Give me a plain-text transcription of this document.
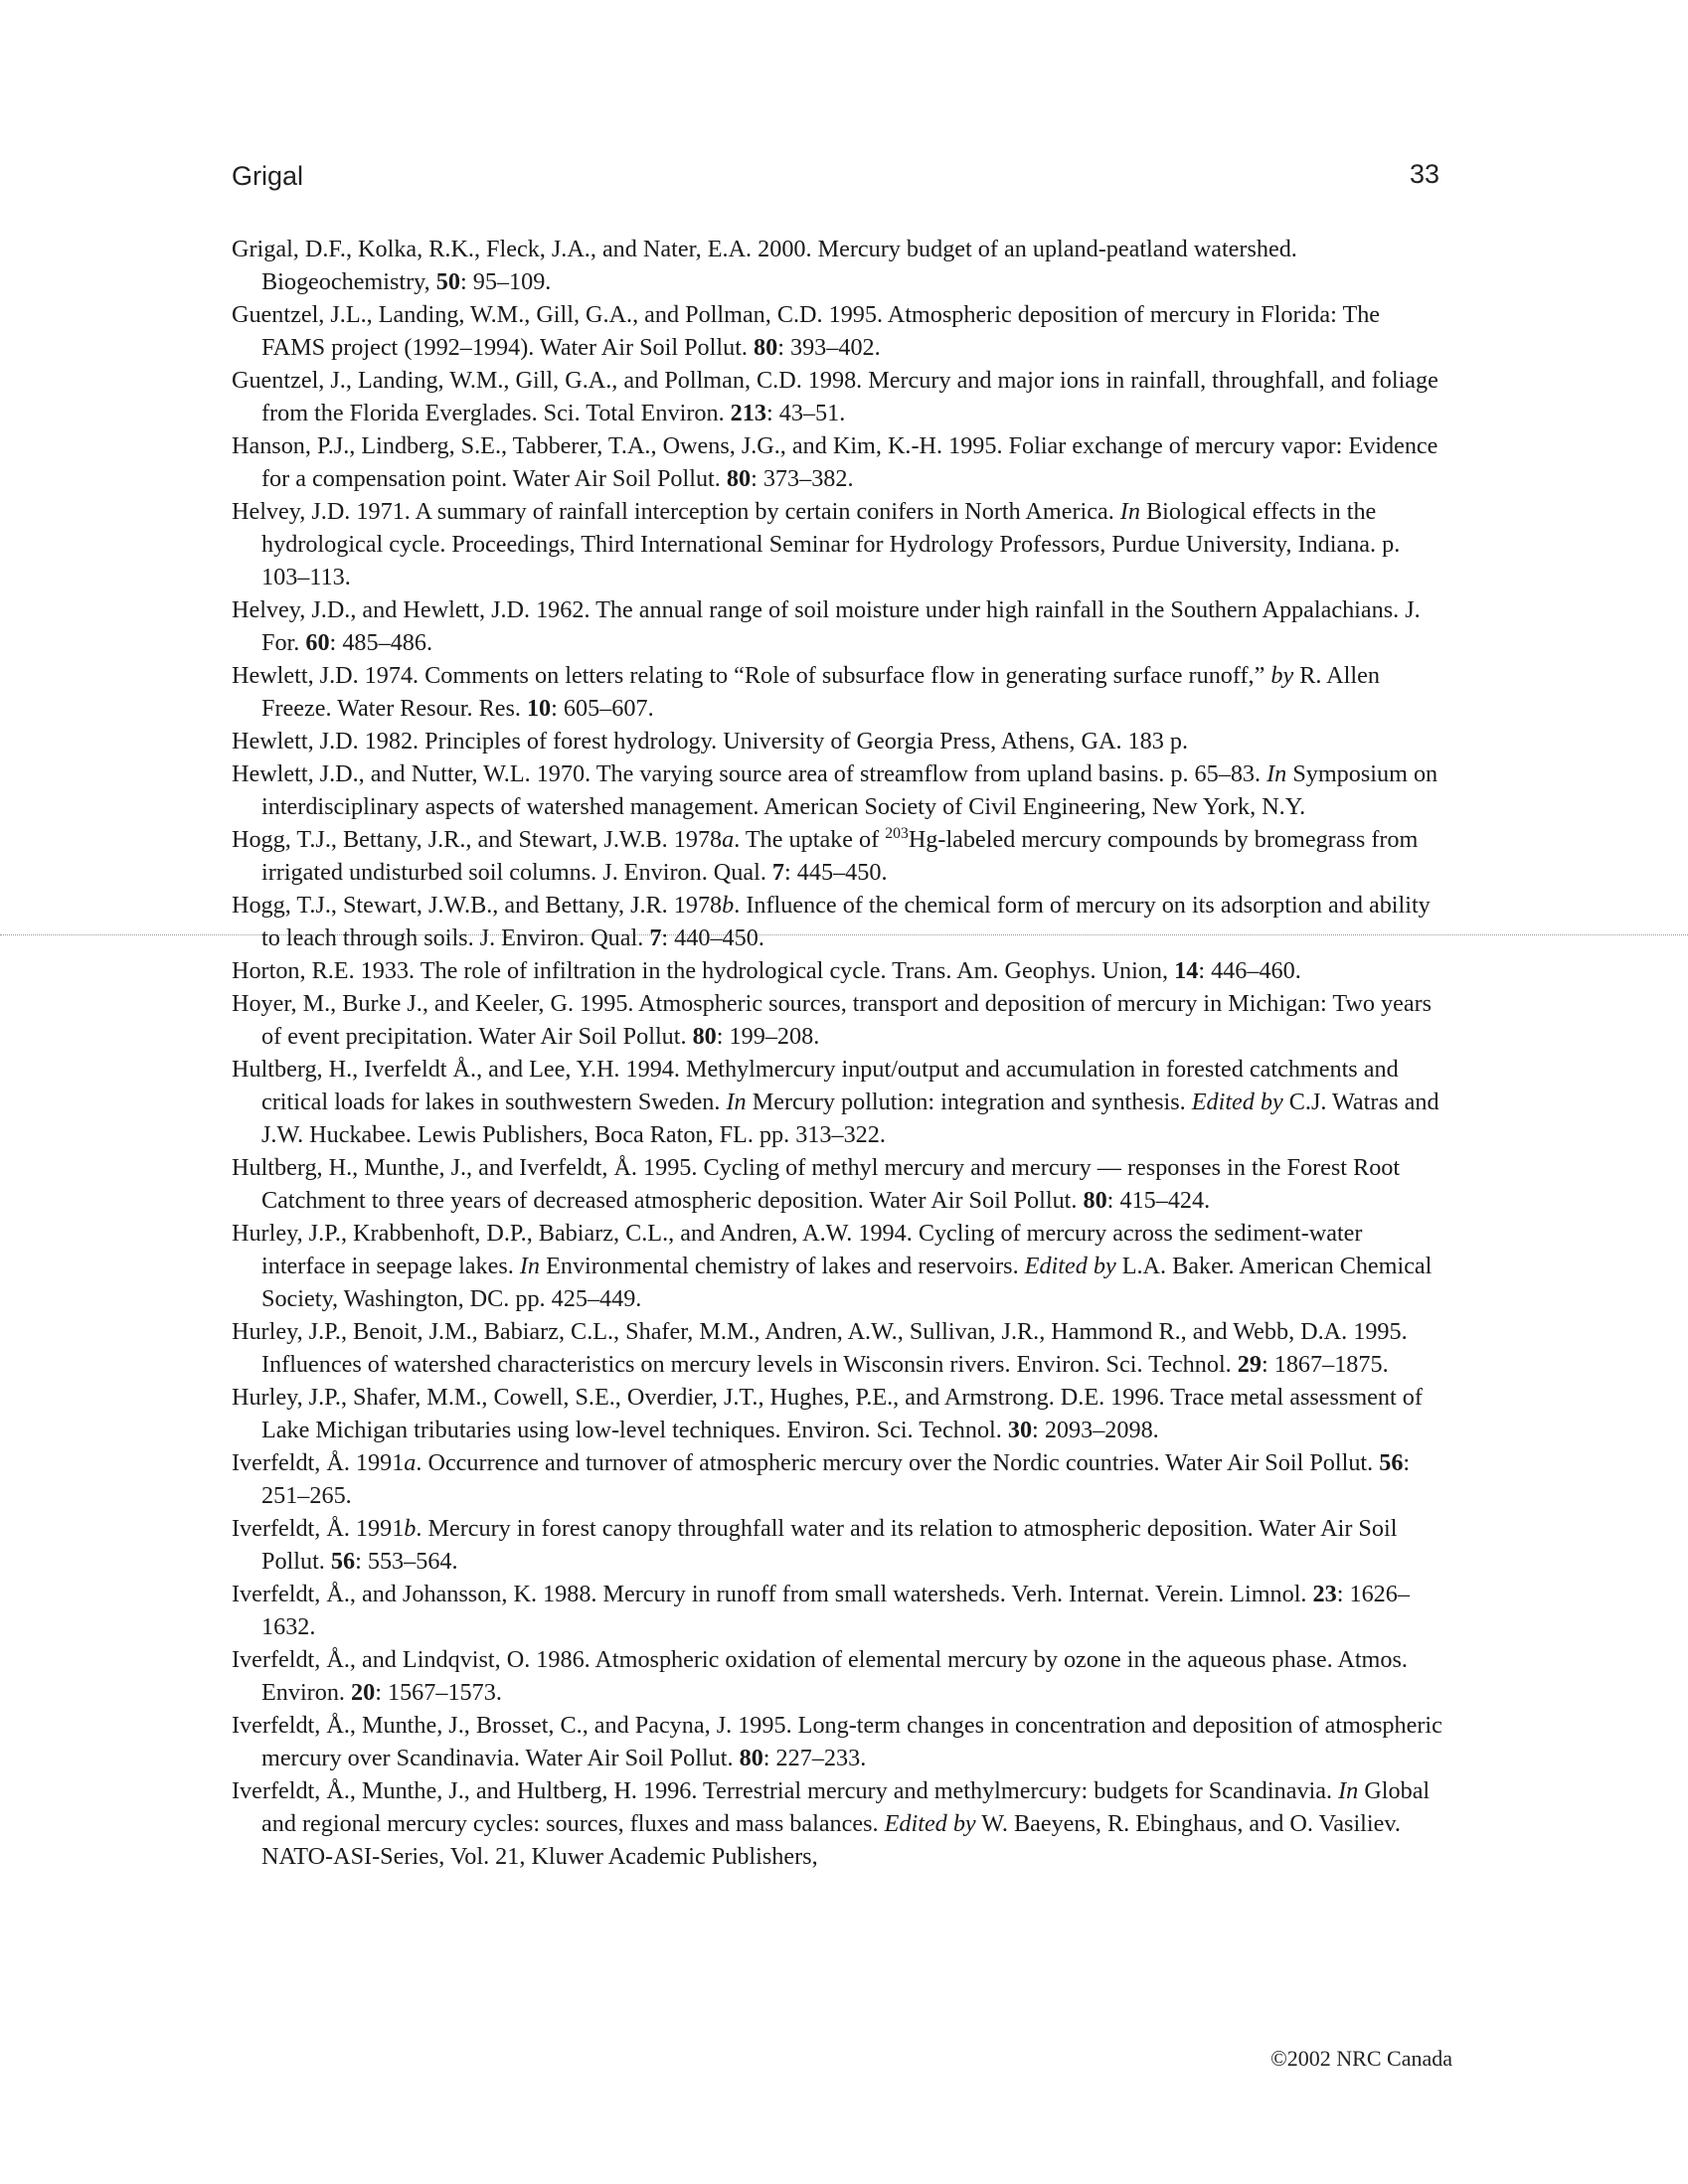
Grigal	33
Grigal, D.F., Kolka, R.K., Fleck, J.A., and Nater, E.A. 2000. Mercury budget of an upland-peatland watershed. Biogeochemistry, 50: 95–109.
Guentzel, J.L., Landing, W.M., Gill, G.A., and Pollman, C.D. 1995. Atmospheric deposition of mercury in Florida: The FAMS project (1992–1994). Water Air Soil Pollut. 80: 393–402.
Guentzel, J., Landing, W.M., Gill, G.A., and Pollman, C.D. 1998. Mercury and major ions in rainfall, throughfall, and foliage from the Florida Everglades. Sci. Total Environ. 213: 43–51.
Hanson, P.J., Lindberg, S.E., Tabberer, T.A., Owens, J.G., and Kim, K.-H. 1995. Foliar exchange of mercury vapor: Evidence for a compensation point. Water Air Soil Pollut. 80: 373–382.
Helvey, J.D. 1971. A summary of rainfall interception by certain conifers in North America. In Biological effects in the hydrological cycle. Proceedings, Third International Seminar for Hydrology Professors, Purdue University, Indiana. p. 103–113.
Helvey, J.D., and Hewlett, J.D. 1962. The annual range of soil moisture under high rainfall in the Southern Appalachians. J. For. 60: 485–486.
Hewlett, J.D. 1974. Comments on letters relating to “Role of subsurface flow in generating surface runoff,” by R. Allen Freeze. Water Resour. Res. 10: 605–607.
Hewlett, J.D. 1982. Principles of forest hydrology. University of Georgia Press, Athens, GA. 183 p.
Hewlett, J.D., and Nutter, W.L. 1970. The varying source area of streamflow from upland basins. p. 65–83. In Symposium on interdisciplinary aspects of watershed management. American Society of Civil Engineering, New York, N.Y.
Hogg, T.J., Bettany, J.R., and Stewart, J.W.B. 1978a. The uptake of $^{203}$Hg-labeled mercury compounds by bromegrass from irrigated undisturbed soil columns. J. Environ. Qual. 7: 445–450.
Hogg, T.J., Stewart, J.W.B., and Bettany, J.R. 1978b. Influence of the chemical form of mercury on its adsorption and ability to leach through soils. J. Environ. Qual. 7: 440–450.
Horton, R.E. 1933. The role of infiltration in the hydrological cycle. Trans. Am. Geophys. Union, 14: 446–460.
Hoyer, M., Burke J., and Keeler, G. 1995. Atmospheric sources, transport and deposition of mercury in Michigan: Two years of event precipitation. Water Air Soil Pollut. 80: 199–208.
Hultberg, H., Iverfeldt Å., and Lee, Y.H. 1994. Methylmercury input/output and accumulation in forested catchments and critical loads for lakes in southwestern Sweden. In Mercury pollution: integration and synthesis. Edited by C.J. Watras and J.W. Huckabee. Lewis Publishers, Boca Raton, FL. pp. 313–322.
Hultberg, H., Munthe, J., and Iverfeldt, Å. 1995. Cycling of methyl mercury and mercury — responses in the Forest Root Catchment to three years of decreased atmospheric deposition. Water Air Soil Pollut. 80: 415–424.
Hurley, J.P., Krabbenhoft, D.P., Babiarz, C.L., and Andren, A.W. 1994. Cycling of mercury across the sediment-water interface in seepage lakes. In Environmental chemistry of lakes and reservoirs. Edited by L.A. Baker. American Chemical Society, Washington, DC. pp. 425–449.
Hurley, J.P., Benoit, J.M., Babiarz, C.L., Shafer, M.M., Andren, A.W., Sullivan, J.R., Hammond R., and Webb, D.A. 1995. Influences of watershed characteristics on mercury levels in Wisconsin rivers. Environ. Sci. Technol. 29: 1867–1875.
Hurley, J.P., Shafer, M.M., Cowell, S.E., Overdier, J.T., Hughes, P.E., and Armstrong. D.E. 1996. Trace metal assessment of Lake Michigan tributaries using low-level techniques. Environ. Sci. Technol. 30: 2093–2098.
Iverfeldt, Å. 1991a. Occurrence and turnover of atmospheric mercury over the Nordic countries. Water Air Soil Pollut. 56: 251–265.
Iverfeldt, Å. 1991b. Mercury in forest canopy throughfall water and its relation to atmospheric deposition. Water Air Soil Pollut. 56: 553–564.
Iverfeldt, Å., and Johansson, K. 1988. Mercury in runoff from small watersheds. Verh. Internat. Verein. Limnol. 23: 1626–1632.
Iverfeldt, Å., and Lindqvist, O. 1986. Atmospheric oxidation of elemental mercury by ozone in the aqueous phase. Atmos. Environ. 20: 1567–1573.
Iverfeldt, Å., Munthe, J., Brosset, C., and Pacyna, J. 1995. Long-term changes in concentration and deposition of atmospheric mercury over Scandinavia. Water Air Soil Pollut. 80: 227–233.
Iverfeldt, Å., Munthe, J., and Hultberg, H. 1996. Terrestrial mercury and methylmercury: budgets for Scandinavia. In Global and regional mercury cycles: sources, fluxes and mass balances. Edited by W. Baeyens, R. Ebinghaus, and O. Vasiliev. NATO-ASI-Series, Vol. 21, Kluwer Academic Publishers,
©2002 NRC Canada
